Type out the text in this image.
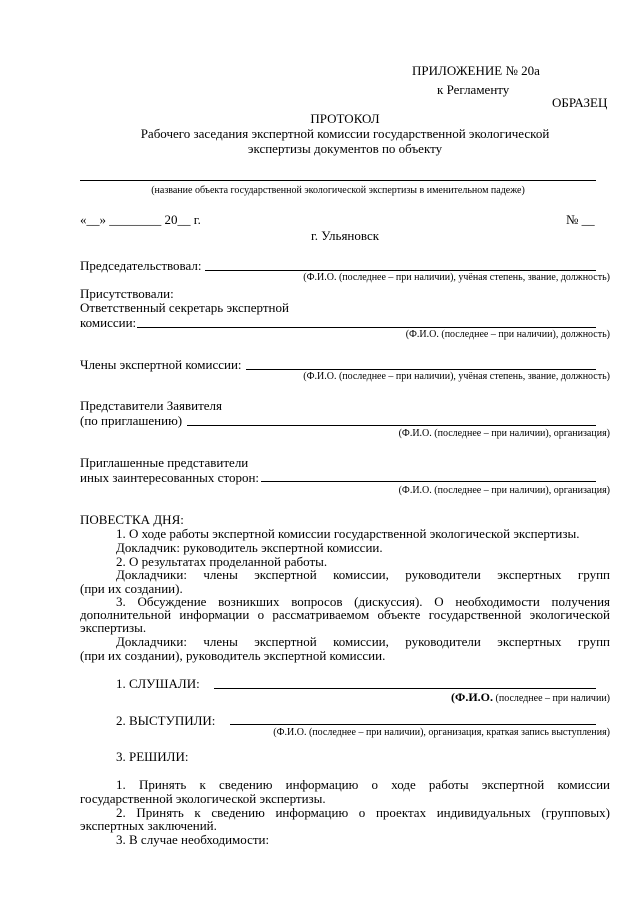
ПРИЛОЖЕНИЕ № 20а
к Регламенту
ОБРАЗЕЦ
ПРОТОКОЛ
Рабочего заседания экспертной комиссии государственной экологической
экспертизы документов по объекту
(название объекта государственной экологической экспертизы в именительном падеже)
«__» ________ 20__ г.	№ __
г. Ульяновск
Председательствовал:
(Ф.И.О. (последнее – при наличии), учёная степень, звание, должность)
Присутствовали:
Ответственный секретарь экспертной
комиссии:
(Ф.И.О. (последнее – при наличии), должность)
Члены экспертной комиссии:
(Ф.И.О. (последнее – при наличии), учёная степень, звание, должность)
Представители Заявителя
(по приглашению)
(Ф.И.О. (последнее – при наличии), организация)
Приглашенные представители
иных заинтересованных сторон:
(Ф.И.О. (последнее – при наличии), организация)
ПОВЕСТКА ДНЯ:
1. О ходе работы экспертной комиссии государственной экологической экспертизы.
Докладчик: руководитель экспертной комиссии.
2. О результатах проделанной работы.
Докладчики: члены экспертной комиссии, руководители экспертных групп
(при их создании).
3. Обсуждение возникших вопросов (дискуссия). О необходимости получения
дополнительной информации о рассматриваемом объекте государственной экологической
экспертизы.
Докладчики: члены экспертной комиссии, руководители экспертных групп
(при их создании), руководитель экспертной комиссии.
1. СЛУШАЛИ:
(Ф.И.О. (последнее – при наличии)
2. ВЫСТУПИЛИ:
(Ф.И.О. (последнее – при наличии), организация, краткая запись выступления)
3. РЕШИЛИ:
1. Принять к сведению информацию о ходе работы экспертной комиссии
государственной экологической экспертизы.
2. Принять к сведению информацию о проектах индивидуальных (групповых)
экспертных заключений.
3. В случае необходимости:
